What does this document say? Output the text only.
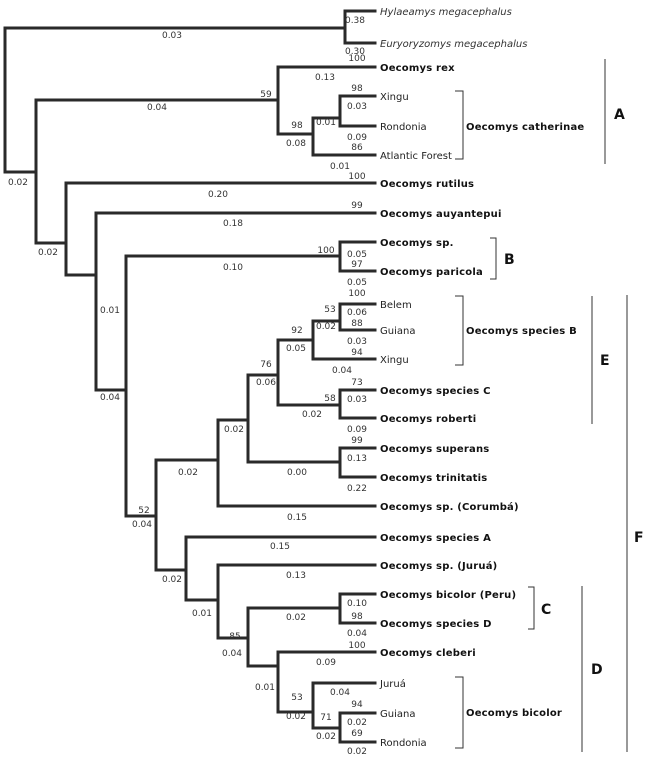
Hylaeamys megacephalus
Euryoryzomys megacephalus
Oecomys rex
Xingu
Rondonia
Atlantic Forest
Oecomys rutilus
Oecomys auyantepui
Oecomys sp.
Oecomys paricola
Belem
Guiana
Xingu
Oecomys species C
Oecomys roberti
Oecomys superans
Oecomys trinitatis
Oecomys sp. (Corumbá)
Oecomys species A
Oecomys sp. (Juruá)
Oecomys bicolor (Peru)
Oecomys species D
Oecomys cleberi
Juruá
Guiana
Rondonia
0.38
0.03
0.30
100
59
0.13
0.04
98
98 0.01
0.03
0.08
0.09
86
0.01
0.02
100
0.20
99
0.18
0.02	100 0.05
0.10	97
0.05
0.01
100
53 0.06
0.02 88
92
0.03
0.05	94
0.04
76
0.06	73
58 0.03
0.04
0.02
0.09
0.02
99
0.02
0.13
0.00
0.22
52
0.15
0.04
0.15
0.02	0.13
0.10
0.01	0.02	98
0.04
85
100
0.04
0.09
0.01	0.04
53
94
0.02 71 0.02
0.02 69
0.02
Oecomys catherinae
Oecomys species B
Oecomys bicolor
A
B
E
F
C
D
